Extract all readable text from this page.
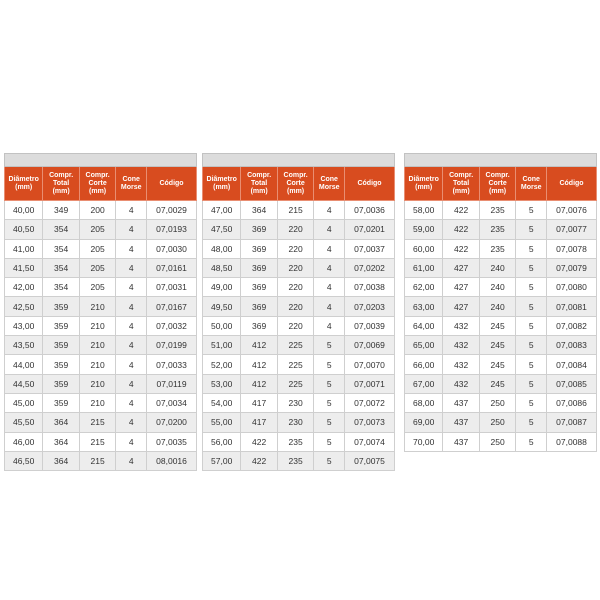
Diâmetro
(mm)	Compr.
Total
(mm)	Compr.
Corte
(mm)	Cone
Morse	Código
40,00	349	200	4	07,0029
40,50	354	205	4	07,0193
41,00	354	205	4	07,0030
41,50	354	205	4	07,0161
42,00	354	205	4	07,0031
42,50	359	210	4	07,0167
43,00	359	210	4	07,0032
43,50	359	210	4	07,0199
44,00	359	210	4	07,0033
44,50	359	210	4	07,0119
45,00	359	210	4	07,0034
45,50	364	215	4	07,0200
46,00	364	215	4	07,0035
46,50	364	215	4	08,0016

Diâmetro
(mm)	Compr.
Total
(mm)	Compr.
Corte
(mm)	Cone
Morse	Código
47,00	364	215	4	07,0036
47,50	369	220	4	07,0201
48,00	369	220	4	07,0037
48,50	369	220	4	07,0202
49,00	369	220	4	07,0038
49,50	369	220	4	07,0203
50,00	369	220	4	07,0039
51,00	412	225	5	07,0069
52,00	412	225	5	07,0070
53,00	412	225	5	07,0071
54,00	417	230	5	07,0072
55,00	417	230	5	07,0073
56,00	422	235	5	07,0074
57,00	422	235	5	07,0075

Diâmetro
(mm)	Compr.
Total
(mm)	Compr.
Corte
(mm)	Cone
Morse	Código
58,00	422	235	5	07,0076
59,00	422	235	5	07,0077
60,00	422	235	5	07,0078
61,00	427	240	5	07,0079
62,00	427	240	5	07,0080
63,00	427	240	5	07,0081
64,00	432	245	5	07,0082
65,00	432	245	5	07,0083
66,00	432	245	5	07,0084
67,00	432	245	5	07,0085
68,00	437	250	5	07,0086
69,00	437	250	5	07,0087
70,00	437	250	5	07,0088
